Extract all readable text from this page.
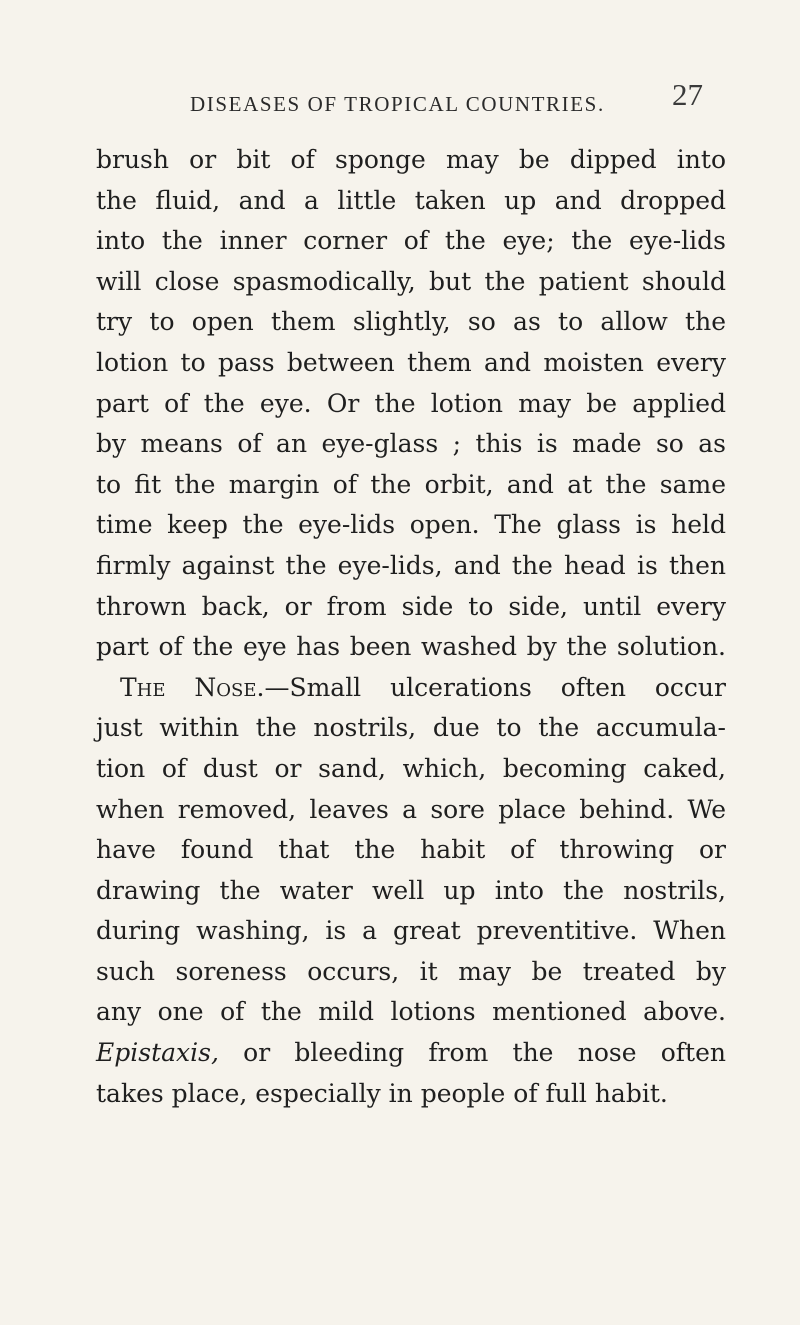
DISEASES OF TROPICAL COUNTRIES. 27
brush or bit of sponge may be dipped into
the fluid, and a little taken up and dropped
into the inner corner of the eye; the eye-lids
will close spasmodically, but the patient should
try to open them slightly, so as to allow the
lotion to pass between them and moisten every
part of the eye. Or the lotion may be applied
by means of an eye-glass ; this is made so as
to fit the margin of the orbit, and at the same
time keep the eye-lids open. The glass is held
firmly against the eye-lids, and the head is then
thrown back, or from side to side, until every
part of the eye has been washed by the solution.
The Nose.—Small ulcerations often occur
just within the nostrils, due to the accumula-
tion of dust or sand, which, becoming caked,
when removed, leaves a sore place behind. We
have found that the habit of throwing or
drawing the water well up into the nostrils,
during washing, is a great preventitive. When
such soreness occurs, it may be treated by
any one of the mild lotions mentioned above.
Epistaxis, or bleeding from the nose often
takes place, especially in people of full habit.
